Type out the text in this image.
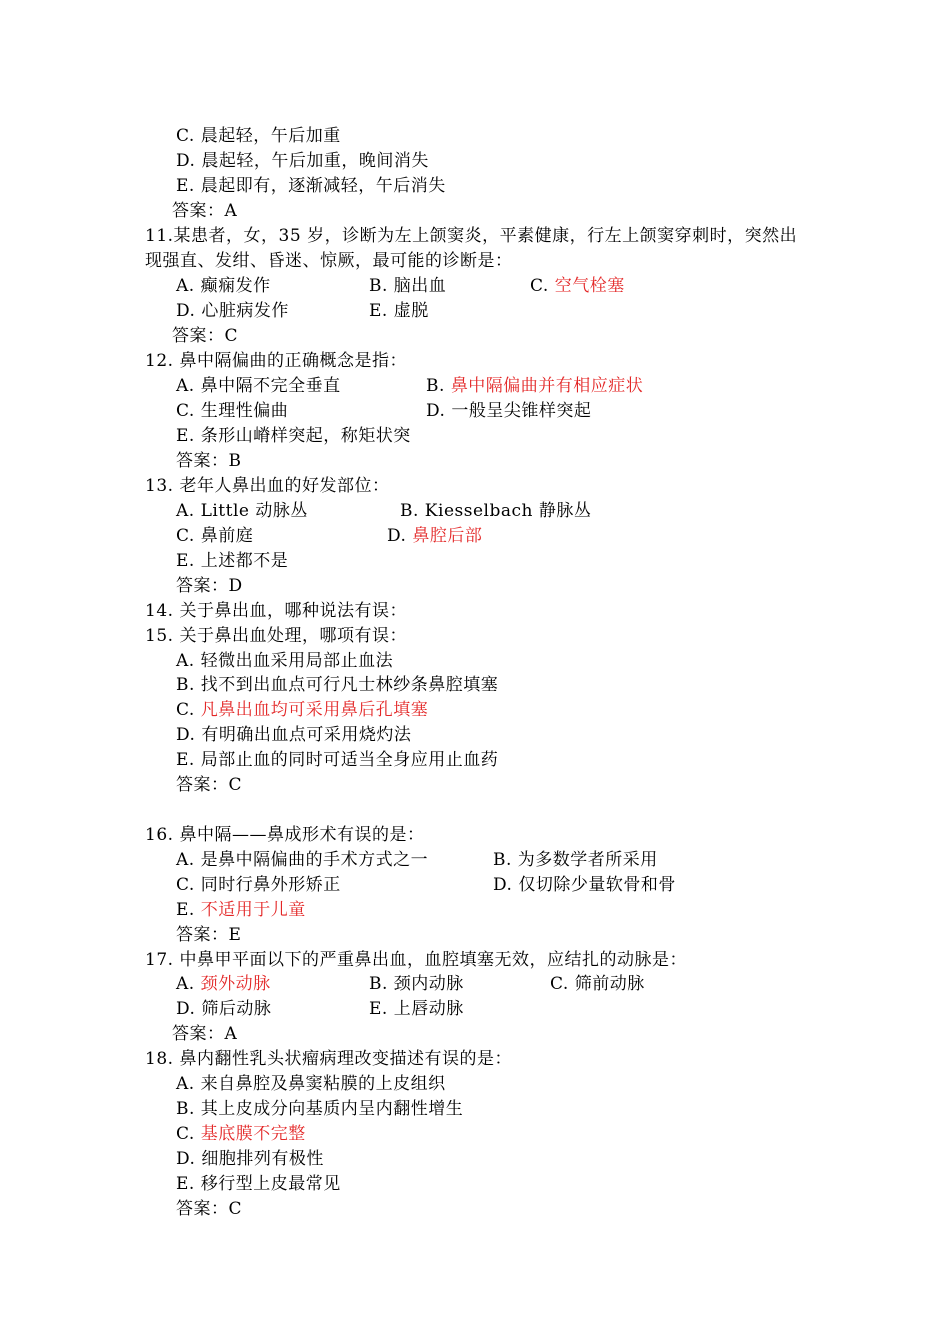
C. 晨起轻，午后加重
D. 晨起轻，午后加重，晚间消失
E. 晨起即有，逐渐减轻，午后消失
答案：A
11.某患者，女，35 岁，诊断为左上颌窦炎，平素健康，行左上颌窦穿刺时，突然出
现强直、发绀、昏迷、惊厥，最可能的诊断是：
A. 癫痫发作	B. 脑出血	C. 空气栓塞
D. 心脏病发作	E. 虚脱
答案：C
12. 鼻中隔偏曲的正确概念是指：
A. 鼻中隔不完全垂直	B. 鼻中隔偏曲并有相应症状
C. 生理性偏曲	D. 一般呈尖锥样突起
E. 条形山嵴样突起，称矩状突
答案：B
13. 老年人鼻出血的好发部位：
A. Little 动脉丛	B. Kiesselbach 静脉丛
C. 鼻前庭	D. 鼻腔后部
E. 上述都不是
答案：D
14. 关于鼻出血，哪种说法有误：
15. 关于鼻出血处理，哪项有误：
A. 轻微出血采用局部止血法
B. 找不到出血点可行凡士林纱条鼻腔填塞
C. 凡鼻出血均可采用鼻后孔填塞
D. 有明确出血点可采用烧灼法
E. 局部止血的同时可适当全身应用止血药
答案：C
16. 鼻中隔——鼻成形术有误的是：
A. 是鼻中隔偏曲的手术方式之一	B. 为多数学者所采用
C. 同时行鼻外形矫正	D. 仅切除少量软骨和骨
E. 不适用于儿童
答案：E
17. 中鼻甲平面以下的严重鼻出血，血腔填塞无效，应结扎的动脉是：
A. 颈外动脉	B. 颈内动脉	C. 筛前动脉
D. 筛后动脉	E. 上唇动脉
答案：A
18. 鼻内翻性乳头状瘤病理改变描述有误的是：
A. 来自鼻腔及鼻窦粘膜的上皮组织
B. 其上皮成分向基质内呈内翻性增生
C. 基底膜不完整
D. 细胞排列有极性
E. 移行型上皮最常见
答案：C
